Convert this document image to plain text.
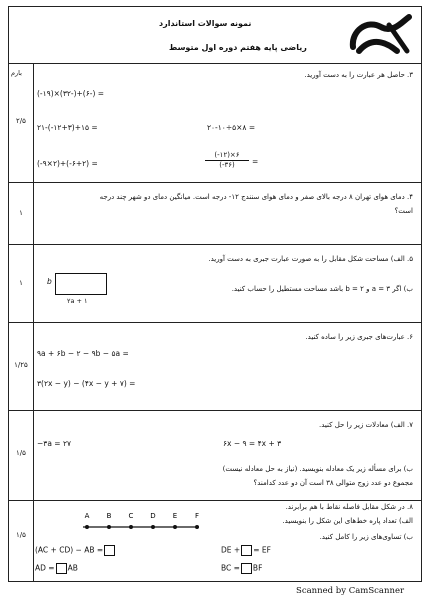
نمونه سوالات استاندارد
ریاضی پایه هفتم دوره اول متوسط
بارم
۲/۵
۳. حاصل هر عبارت را به دست آورید.
(-۱۹)×(۳۲-)+(۶-) =
۲۱-(-۱۲+۳)+۱۵ =	۲۰-۱۰÷۵×۸ =
(-۹×۲)+(-۶+۲) =
(-۱۲)×۶
(-۳۶)	=
۱
۴. دمای هوای تهران ۸ درجه بالای صفر و دمای هوای سنندج ۱۲- درجه است. میانگین دمای دو شهر چند درجه
است؟
۱
۵. الف) مساحت شکل مقابل را به صورت عبارت جبری به دست آورید.
b
۲a + ۱
ب) اگر a = ۳ و b = ۲ باشد مساحت مستطیل را حساب کنید.
۱/۲۵
۶. عبارت‌های جبری زیر را ساده کنید.
۹a + ۶b − ۲ − ۹b − ۵a =
۳(۲x − y) − (۴x − y + ۷) =
۱/۵
۷. الف) معادلات زیر را حل کنید.
−۳a = ۲۷	۶x − ۹ = ۴x + ۳
ب) برای مسأله زیر یک معادله بنویسید. (نیاز به حل معادله نیست)
مجموع دو عدد زوج متوالی ۳۸ است آن دو عدد کدامند؟
۱/۵
۸. در شکل مقابل فاصله نقاط با هم برابرند.
الف) تعداد پاره خط‌های این شکل را بنویسید.
ب) تساوی‌های زیر را کامل کنید.
A B C D E	F
(AC + CD) − AB =
AD = AB
DE + = EF
BC = BF
Scanned by CamScanner
